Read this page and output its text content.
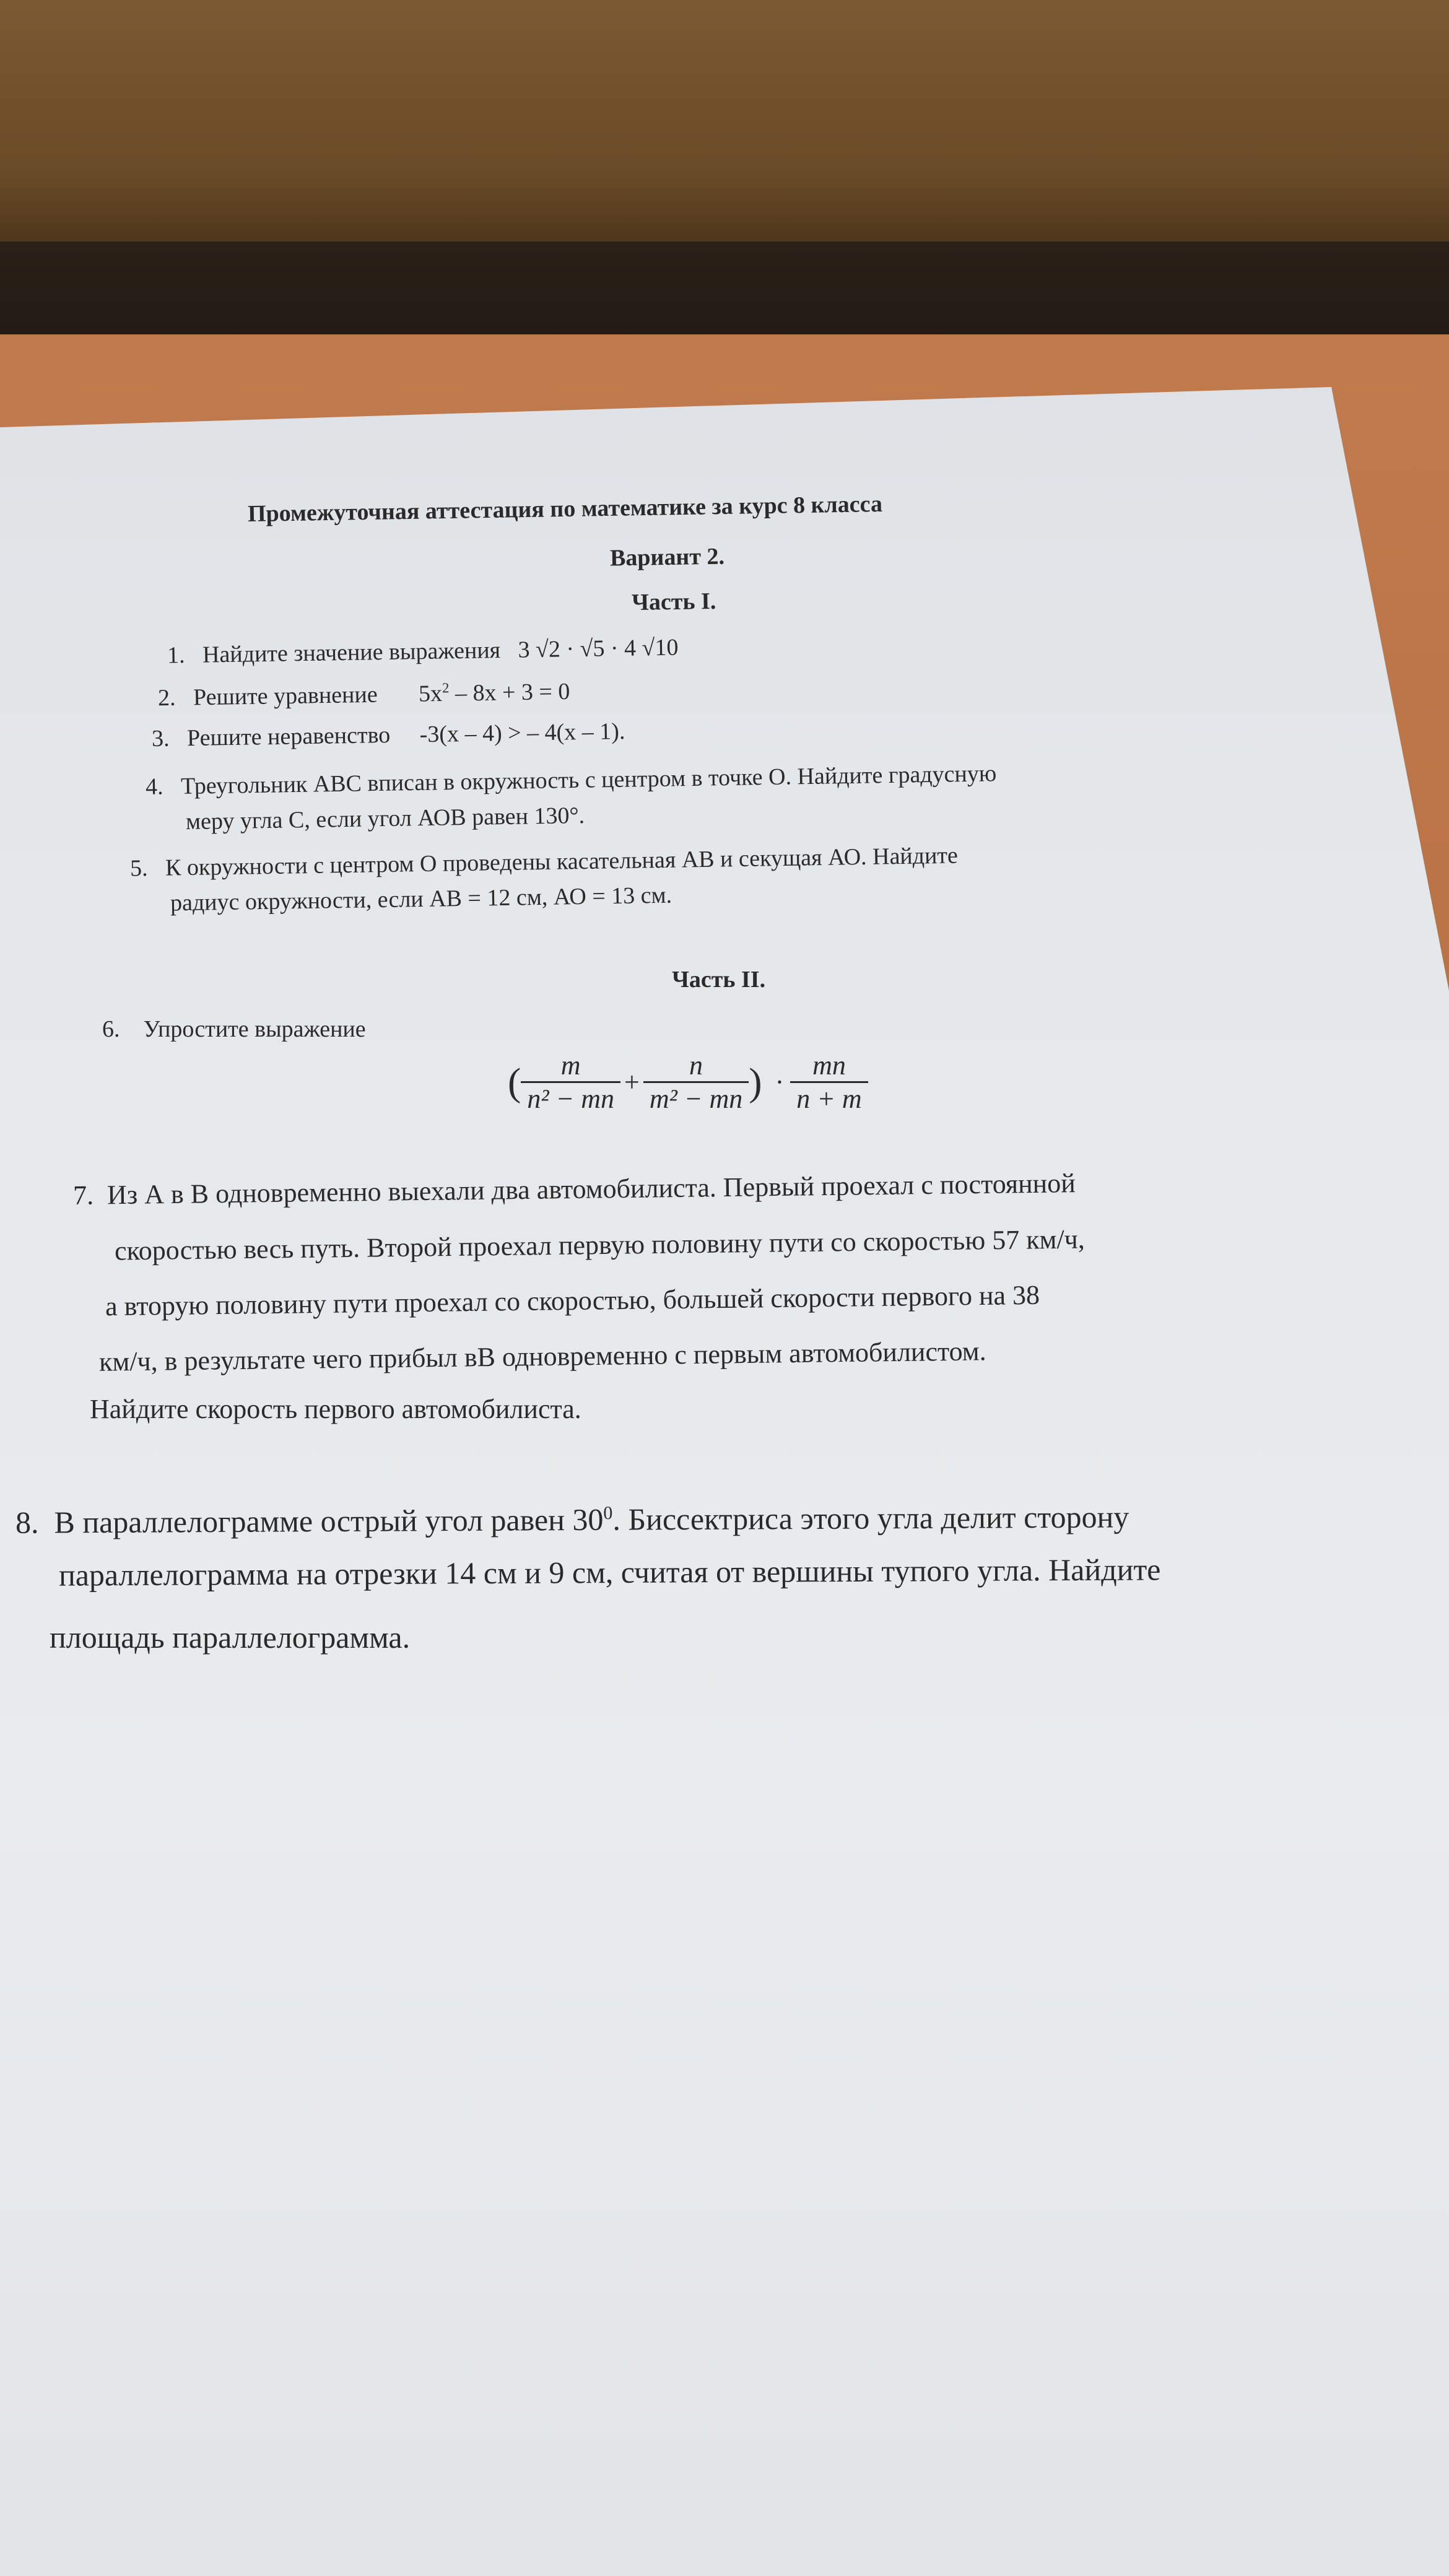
Промежуточная аттестация по математике за курс 8 класса
Вариант 2.
Часть I.
1. Найдите значение выражения 3 √2 · √5 · 4 √10
2. Решите уравнение $5x^2 - 8x + 3 = 0$
3. Решите неравенство -3(x – 4) > – 4(x – 1).
4. Треугольник АВС вписан в окружность с центром в точке О. Найдите градусную
меру угла С, если угол АОВ равен 130°.
5. К окружности с центром О проведены касательная АВ и секущая АО. Найдите
радиус окружности, если АВ = 12 см, АО = 13 см.
Часть II.
6. Упростите выражение
( $\frac{m}{\text{n² − mn}} + \frac{n}{\text{m² − mn}}$ ) · $\frac{mn}{n + m}$
7. Из А в В одновременно выехали два автомобилиста. Первый проехал с постоянной
скоростью весь путь. Второй проехал первую половину пути со скоростью 57 км/ч,
а вторую половину пути проехал со скоростью, большей скорости первого на 38
км/ч, в результате чего прибыл вВ одновременно с первым автомобилистом.
Найдите скорость первого автомобилиста.
8. В параллелограмме острый угол равен $30^0$. Биссектриса этого угла делит сторону
параллелограмма на отрезки 14 см и 9 см, считая от вершины тупого угла. Найдите
площадь параллелограмма.
